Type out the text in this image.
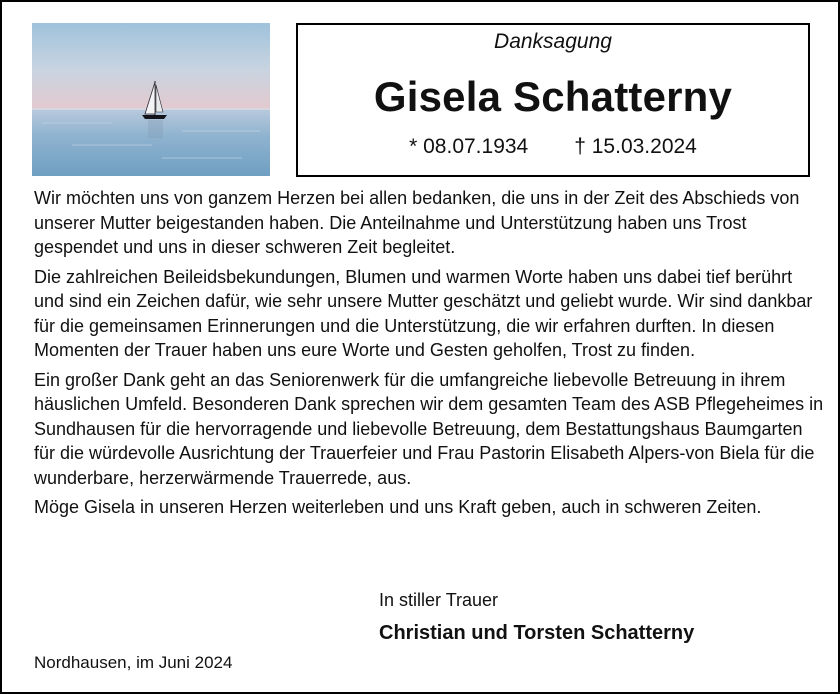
Danksagung
Gisela Schatterny
* 08.07.1934 † 15.03.2024

Wir möchten uns von ganzem Herzen bei allen bedanken, die uns in der Zeit des Abschieds von unserer Mutter beigestanden haben. Die Anteilnahme und Unterstützung haben uns Trost gespendet und uns in dieser schweren Zeit begleitet.

Die zahlreichen Beileidsbekundungen, Blumen und warmen Worte haben uns dabei tief berührt und sind ein Zeichen dafür, wie sehr unsere Mutter geschätzt und geliebt wurde. Wir sind dankbar für die gemeinsamen Erinnerungen und die Unterstützung, die wir erfahren durften. In diesen Momenten der Trauer haben uns eure Worte und Gesten geholfen, Trost zu finden.

Ein großer Dank geht an das Seniorenwerk für die umfangreiche liebevolle Betreuung in ihrem häuslichen Umfeld. Besonderen Dank sprechen wir dem gesamten Team des ASB Pflegeheimes in Sundhausen für die hervorragende und liebevolle Betreuung, dem Bestattungshaus Baumgarten für die würdevolle Ausrichtung der Trauerfeier und Frau Pastorin Elisabeth Alpers-von Biela für die wunderbare, herzerwärmende Trauerrede, aus.

Möge Gisela in unseren Herzen weiterleben und uns Kraft geben, auch in schweren Zeiten.

In stiller Trauer
Christian und Torsten Schatterny
Nordhausen, im Juni 2024
